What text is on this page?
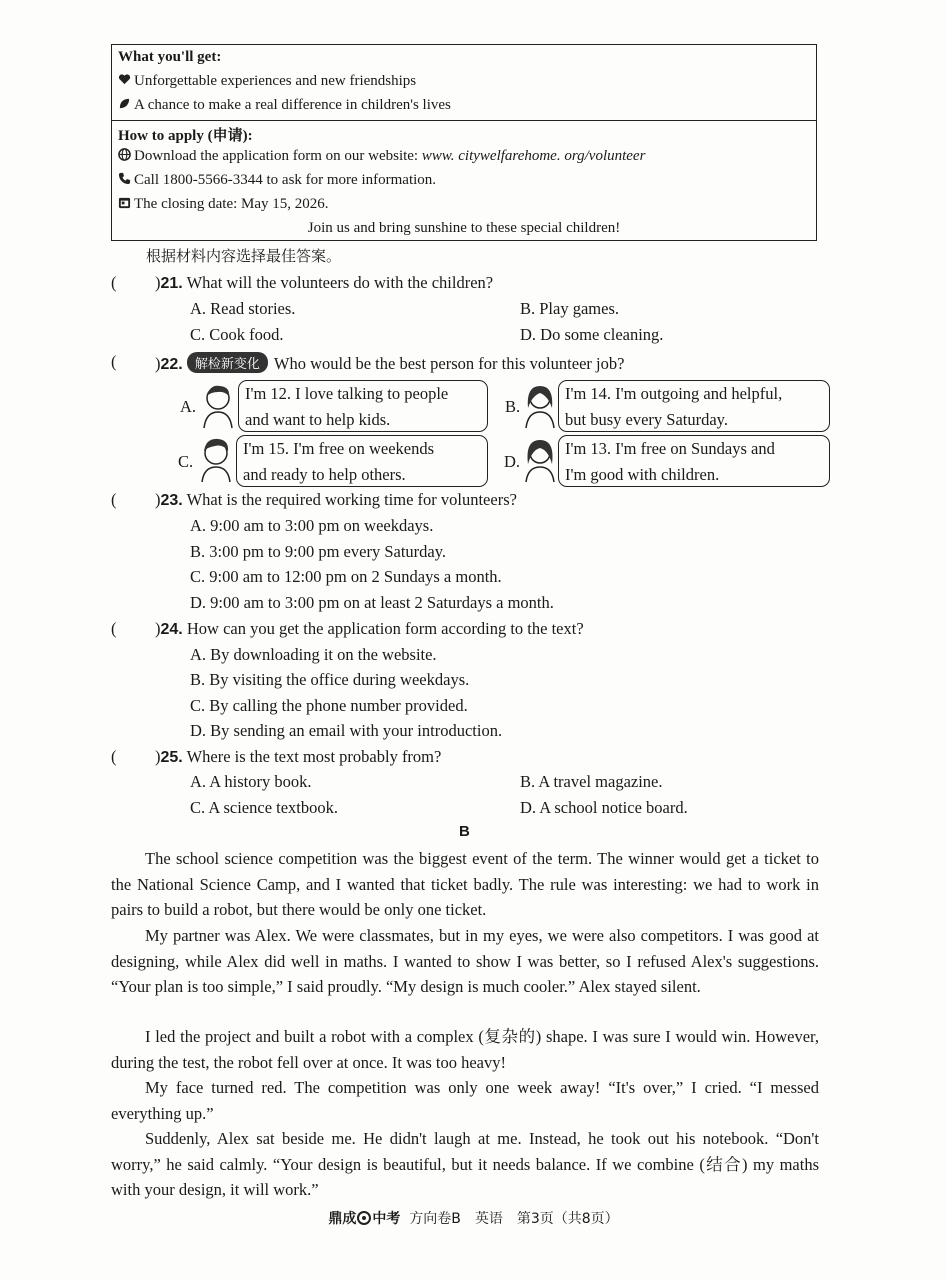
What you'll get:
Unforgettable experiences and new friendships
A chance to make a real difference in children's lives
How to apply (申请):
Download the application form on our website: www. citywelfarehome. org/volunteer
Call 1800-5566-3344 to ask for more information.
The closing date: May 15, 2026.
Join us and bring sunshine to these special children!
根据材料内容选择最佳答案。
( )21. What will the volunteers do with the children?
A. Read stories.	B. Play games.
C. Cook food.	D. Do some cleaning.
( )22. 解检新变化 Who would be the best person for this volunteer job?
A.
I'm 12. I love talking to people
and want to help kids.
B.
I'm 14. I'm outgoing and helpful,
but busy every Saturday.
C.
I'm 15. I'm free on weekends
and ready to help others.
D.
I'm 13. I'm free on Sundays and
I'm good with children.
( )23. What is the required working time for volunteers?
A. 9:00 am to 3:00 pm on weekdays.
B. 3:00 pm to 9:00 pm every Saturday.
C. 9:00 am to 12:00 pm on 2 Sundays a month.
D. 9:00 am to 3:00 pm on at least 2 Saturdays a month.
( )24. How can you get the application form according to the text?
A. By downloading it on the website.
B. By visiting the office during weekdays.
C. By calling the phone number provided.
D. By sending an email with your introduction.
( )25. Where is the text most probably from?
A. A history book.	B. A travel magazine.
C. A science textbook.	D. A school notice board.
B
The school science competition was the biggest event of the term. The winner would get a ticket to the National Science Camp, and I wanted that ticket badly. The rule was interesting: we had to work in pairs to build a robot, but there would be only one ticket.
My partner was Alex. We were classmates, but in my eyes, we were also competitors. I was good at designing, while Alex did well in maths. I wanted to show I was better, so I refused Alex's suggestions. “Your plan is too simple,” I said proudly. “My design is much cooler.” Alex stayed silent.
I led the project and built a robot with a complex (复杂的) shape. I was sure I would win. However, during the test, the robot fell over at once. It was too heavy!
My face turned red. The competition was only one week away! “It's over,” I cried. “I messed everything up.”
Suddenly, Alex sat beside me. He didn't laugh at me. Instead, he took out his notebook. “Don't worry,” he said calmly. “Your design is beautiful, but it needs balance. If we combine (结合) my maths with your design, it will work.”
鼎成 中考 方向卷B　英语　第3页（共8页）
